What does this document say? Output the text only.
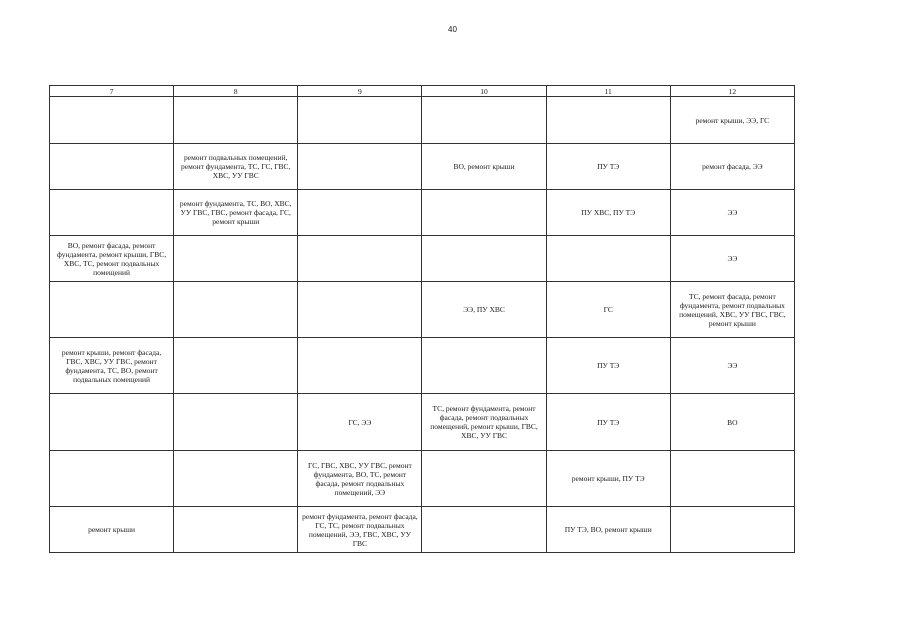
40
7	8	9	10	11	12
					ремонт крыши, ЭЭ, ГС
	ремонт подвальных помещений, ремонт фундамента, ТС, ГС, ГВС, ХВС, УУ ГВС		ВО, ремонт крыши	ПУ ТЭ	ремонт фасада, ЭЭ
	ремонт фундамента, ТС, ВО, ХВС, УУ ГВС, ГВС, ремонт фасада, ГС, ремонт крыши			ПУ ХВС, ПУ ТЭ	ЭЭ
ВО, ремонт фасада, ремонт фундамента, ремонт крыши, ГВС, ХВС, ТС, ремонт подвальных помещений					ЭЭ
			ЭЭ, ПУ ХВС	ГС	ТС, ремонт фасада, ремонт фундамента, ремонт подвальных помещений, ХВС, УУ ГВС, ГВС, ремонт крыши
ремонт крыши, ремонт фасада, ГВС, ХВС, УУ ГВС, ремонт фундамента, ТС, ВО, ремонт подвальных помещений				ПУ ТЭ	ЭЭ
		ГС, ЭЭ	ТС, ремонт фундамента, ремонт фасада, ремонт подвальных помещений, ремонт крыши, ГВС, ХВС, УУ ГВС	ПУ ТЭ	ВО
		ГС, ГВС, ХВС, УУ ГВС, ремонт фундамента, ВО, ТС, ремонт фасада, ремонт подвальных помещений, ЭЭ		ремонт крыши, ПУ ТЭ	
ремонт крыши		ремонт фундамента, ремонт фасада, ГС, ТС, ремонт подвальных помещений, ЭЭ, ГВС, ХВС, УУ ГВС		ПУ ТЭ, ВО, ремонт крыши	
